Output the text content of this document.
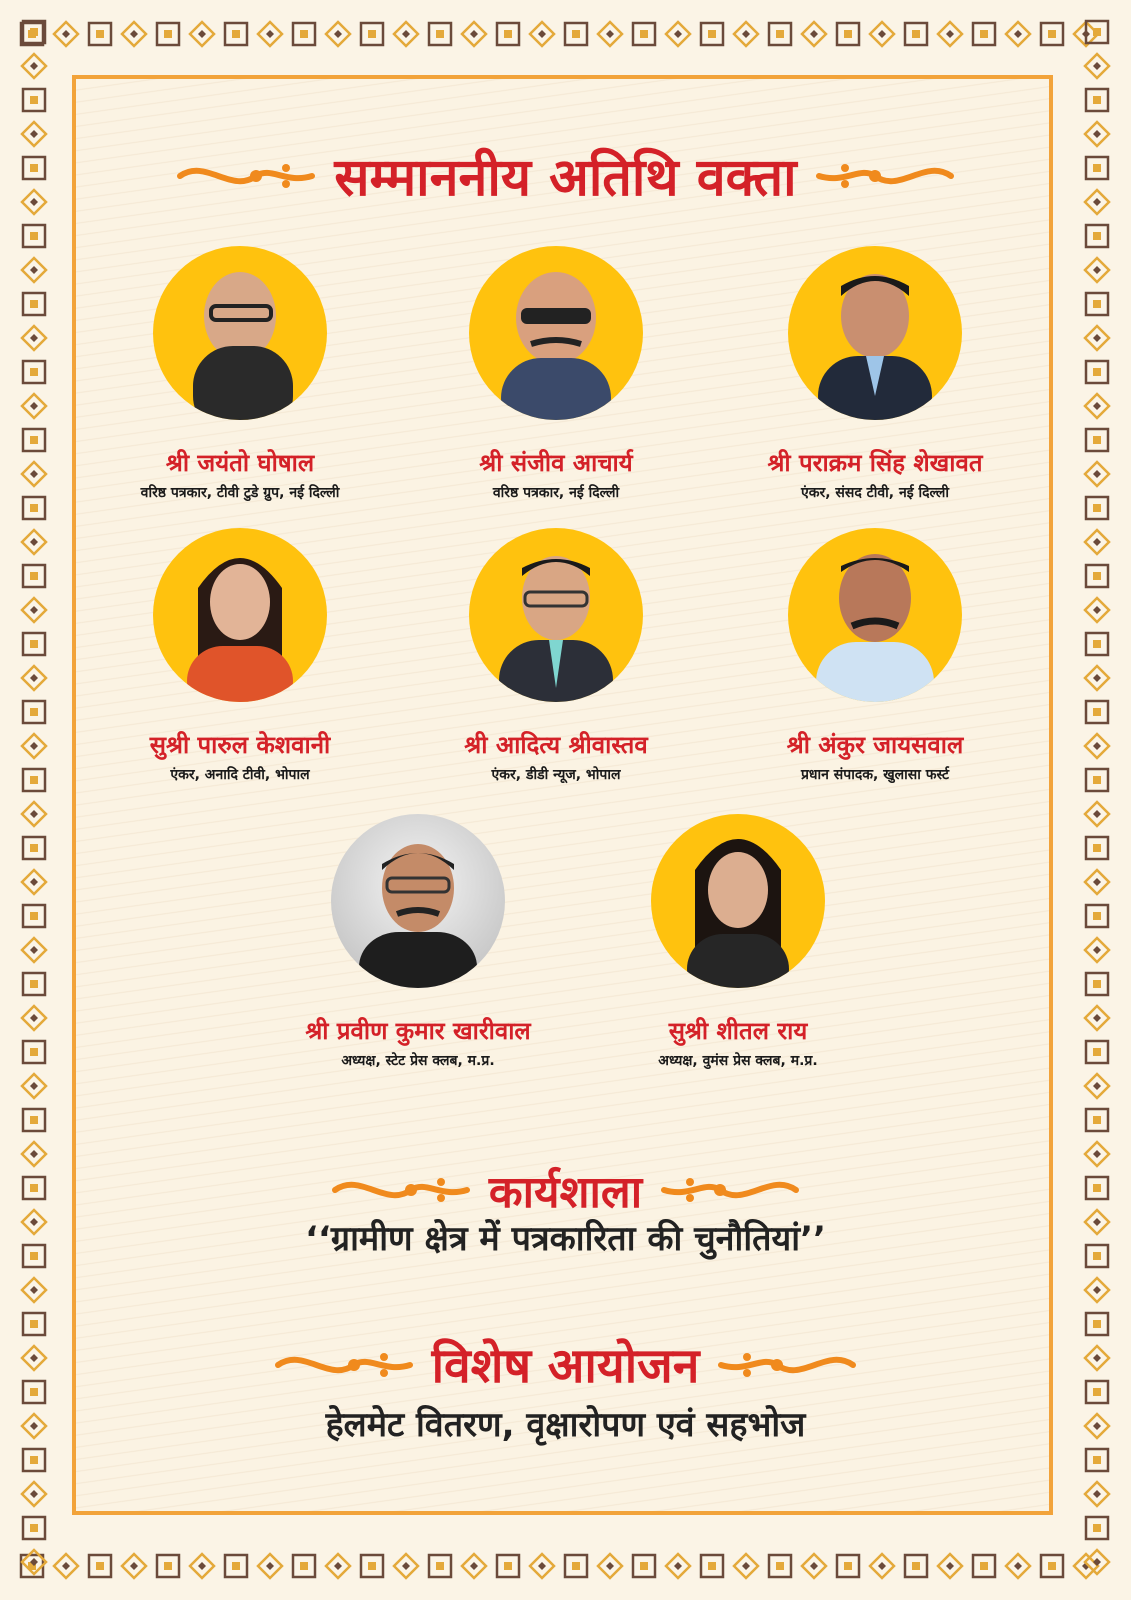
सम्माननीय अतिथि वक्ता
श्री जयंतो घोषाल
वरिष्ठ पत्रकार, टीवी टुडे ग्रुप, नई दिल्ली
श्री संजीव आचार्य
वरिष्ठ पत्रकार, नई दिल्ली
श्री पराक्रम सिंह शेखावत
एंकर, संसद टीवी, नई दिल्ली
सुश्री पारुल केशवानी
एंकर, अनादि टीवी, भोपाल
श्री आदित्य श्रीवास्तव
एंकर, डीडी न्यूज, भोपाल
श्री अंकुर जायसवाल
प्रधान संपादक, खुलासा फर्स्ट
श्री प्रवीण कुमार खारीवाल
अध्यक्ष, स्टेट प्रेस क्लब, म.प्र.
सुश्री शीतल राय
अध्यक्ष, वुमंस प्रेस क्लब, म.प्र.
कार्यशाला
‘‘ग्रामीण क्षेत्र में पत्रकारिता की चुनौतियां’’
विशेष आयोजन
हेलमेट वितरण, वृक्षारोपण एवं सहभोज
